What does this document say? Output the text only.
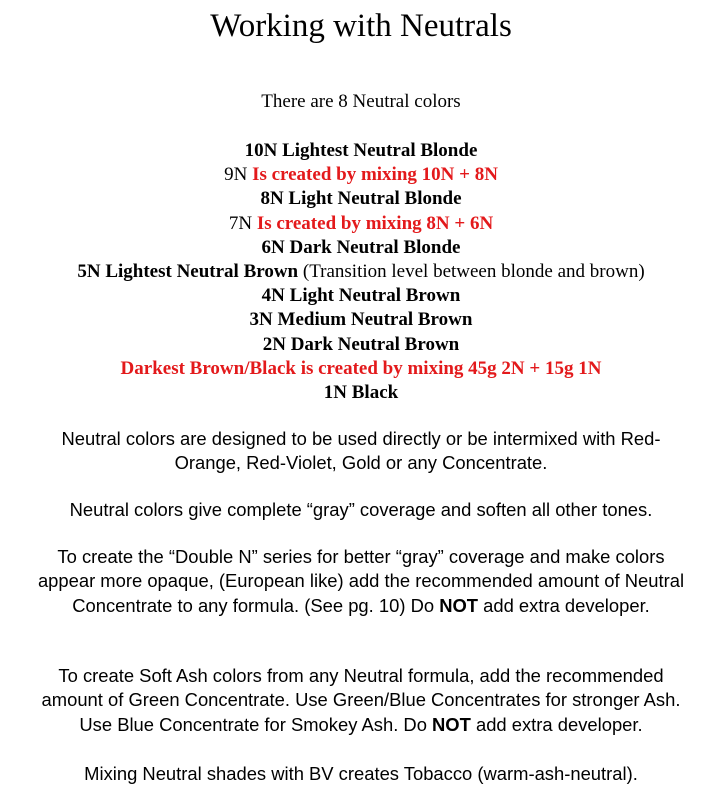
Working with Neutrals
There are 8 Neutral colors
10N Lightest Neutral Blonde
9N Is created by mixing 10N + 8N
8N Light Neutral Blonde
7N Is created by mixing 8N + 6N
6N Dark Neutral Blonde
5N Lightest Neutral Brown (Transition level between blonde and brown)
4N Light Neutral Brown
3N Medium Neutral Brown
2N Dark Neutral Brown
Darkest Brown/Black is created by mixing 45g 2N + 15g 1N
1N Black

Neutral colors are designed to be used directly or be intermixed with Red-Orange, Red-Violet, Gold or any Concentrate.

Neutral colors give complete “gray” coverage and soften all other tones.

To create the “Double N” series for better “gray” coverage and make colors appear more opaque, (European like) add the recommended amount of Neutral Concentrate to any formula. (See pg. 10) Do NOT add extra developer.

To create Soft Ash colors from any Neutral formula, add the recommended amount of Green Concentrate. Use Green/Blue Concentrates for stronger Ash. Use Blue Concentrate for Smokey Ash. Do NOT add extra developer.

Mixing Neutral shades with BV creates Tobacco (warm-ash-neutral).
